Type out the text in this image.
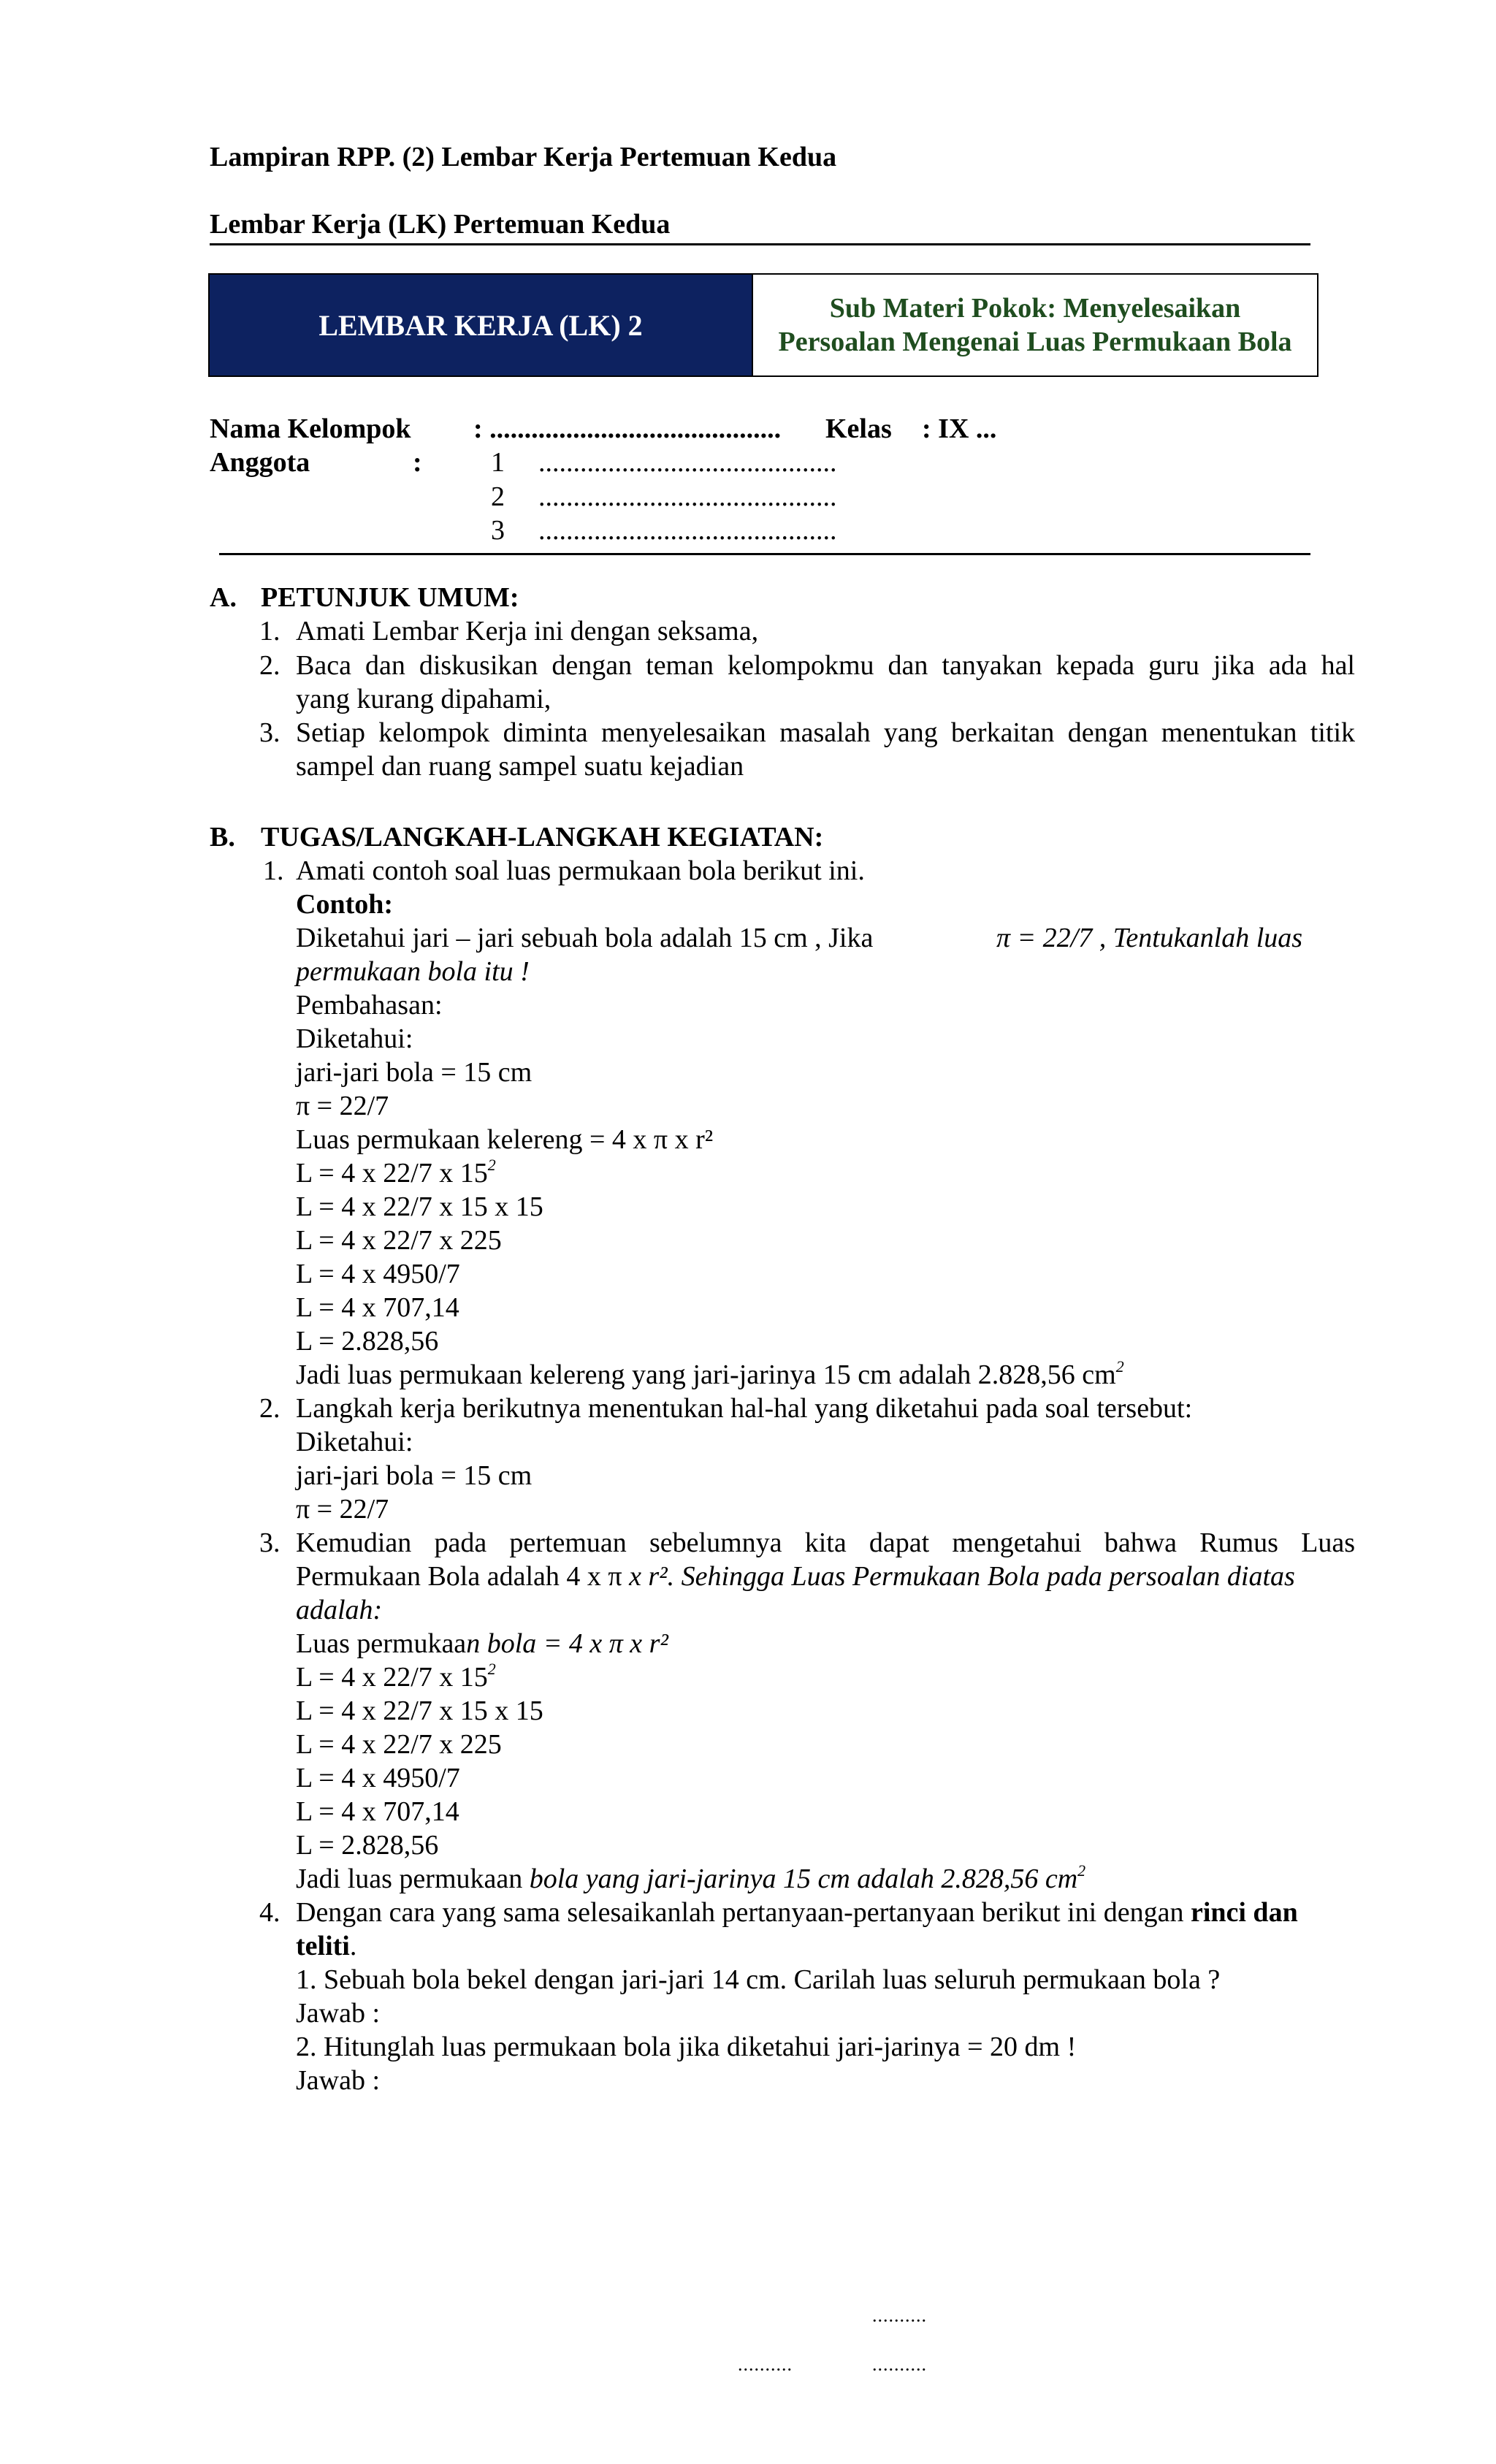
Lampiran RPP. (2) Lembar Kerja Pertemuan Kedua
Lembar Kerja (LK) Pertemuan Kedua
LEMBAR KERJA (LK) 2
Sub Materi Pokok: Menyelesaikan Persoalan Mengenai Luas Permukaan Bola
Nama Kelompok : .......................................... Kelas : IX ...
Anggota	: 1 ...........................................
2 ...........................................
3 ...........................................
A. PETUNJUK UMUM:
1. Amati Lembar Kerja ini dengan seksama,
2. Baca dan diskusikan dengan teman kelompokmu dan tanyakan kepada guru jika ada hal
yang kurang dipahami,
3. Setiap kelompok diminta menyelesaikan masalah yang berkaitan dengan menentukan titik
sampel dan ruang sampel suatu kejadian
B. TUGAS/LANGKAH-LANGKAH KEGIATAN:
1. Amati contoh soal luas permukaan bola berikut ini.
Contoh:
Diketahui jari – jari sebuah bola adalah 15 cm , Jika	π = 22/7 , Tentukanlah luas
permukaan bola itu !
Pembahasan:
Diketahui:
jari-jari bola = 15 cm
π = 22/7
Luas permukaan kelereng = 4 x π x r²
L = 4 x 22/7 x $15^2$
L = 4 x 22/7 x 15 x 15
L = 4 x 22/7 x 225
L = 4 x 4950/7
L = 4 x 707,14
L = 2.828,56
Jadi luas permukaan kelereng yang jari-jarinya 15 cm adalah 2.828,56 $cm^2$
2. Langkah kerja berikutnya menentukan hal-hal yang diketahui pada soal tersebut:
Diketahui:
jari-jari bola = 15 cm
π = 22/7
3. Kemudian pada pertemuan sebelumnya kita dapat mengetahui bahwa Rumus Luas
Permukaan Bola adalah 4 x π x r². Sehingga Luas Permukaan Bola pada persoalan diatas
adalah:
Luas permukaan bola = 4 x π x r²
L = 4 x 22/7 x $15^2$
L = 4 x 22/7 x 15 x 15
L = 4 x 22/7 x 225
L = 4 x 4950/7
L = 4 x 707,14
L = 2.828,56
Jadi luas permukaan bola yang jari-jarinya 15 cm adalah 2.828,56 $cm^2$
4. Dengan cara yang sama selesaikanlah pertanyaan-pertanyaan berikut ini dengan rinci dan
teliti.
1. Sebuah bola bekel dengan jari-jari 14 cm. Carilah luas seluruh permukaan bola ?
Jawab :
2. Hitunglah luas permukaan bola jika diketahui jari-jarinya = 20 dm !
Jawab :
..........
..........	..........
